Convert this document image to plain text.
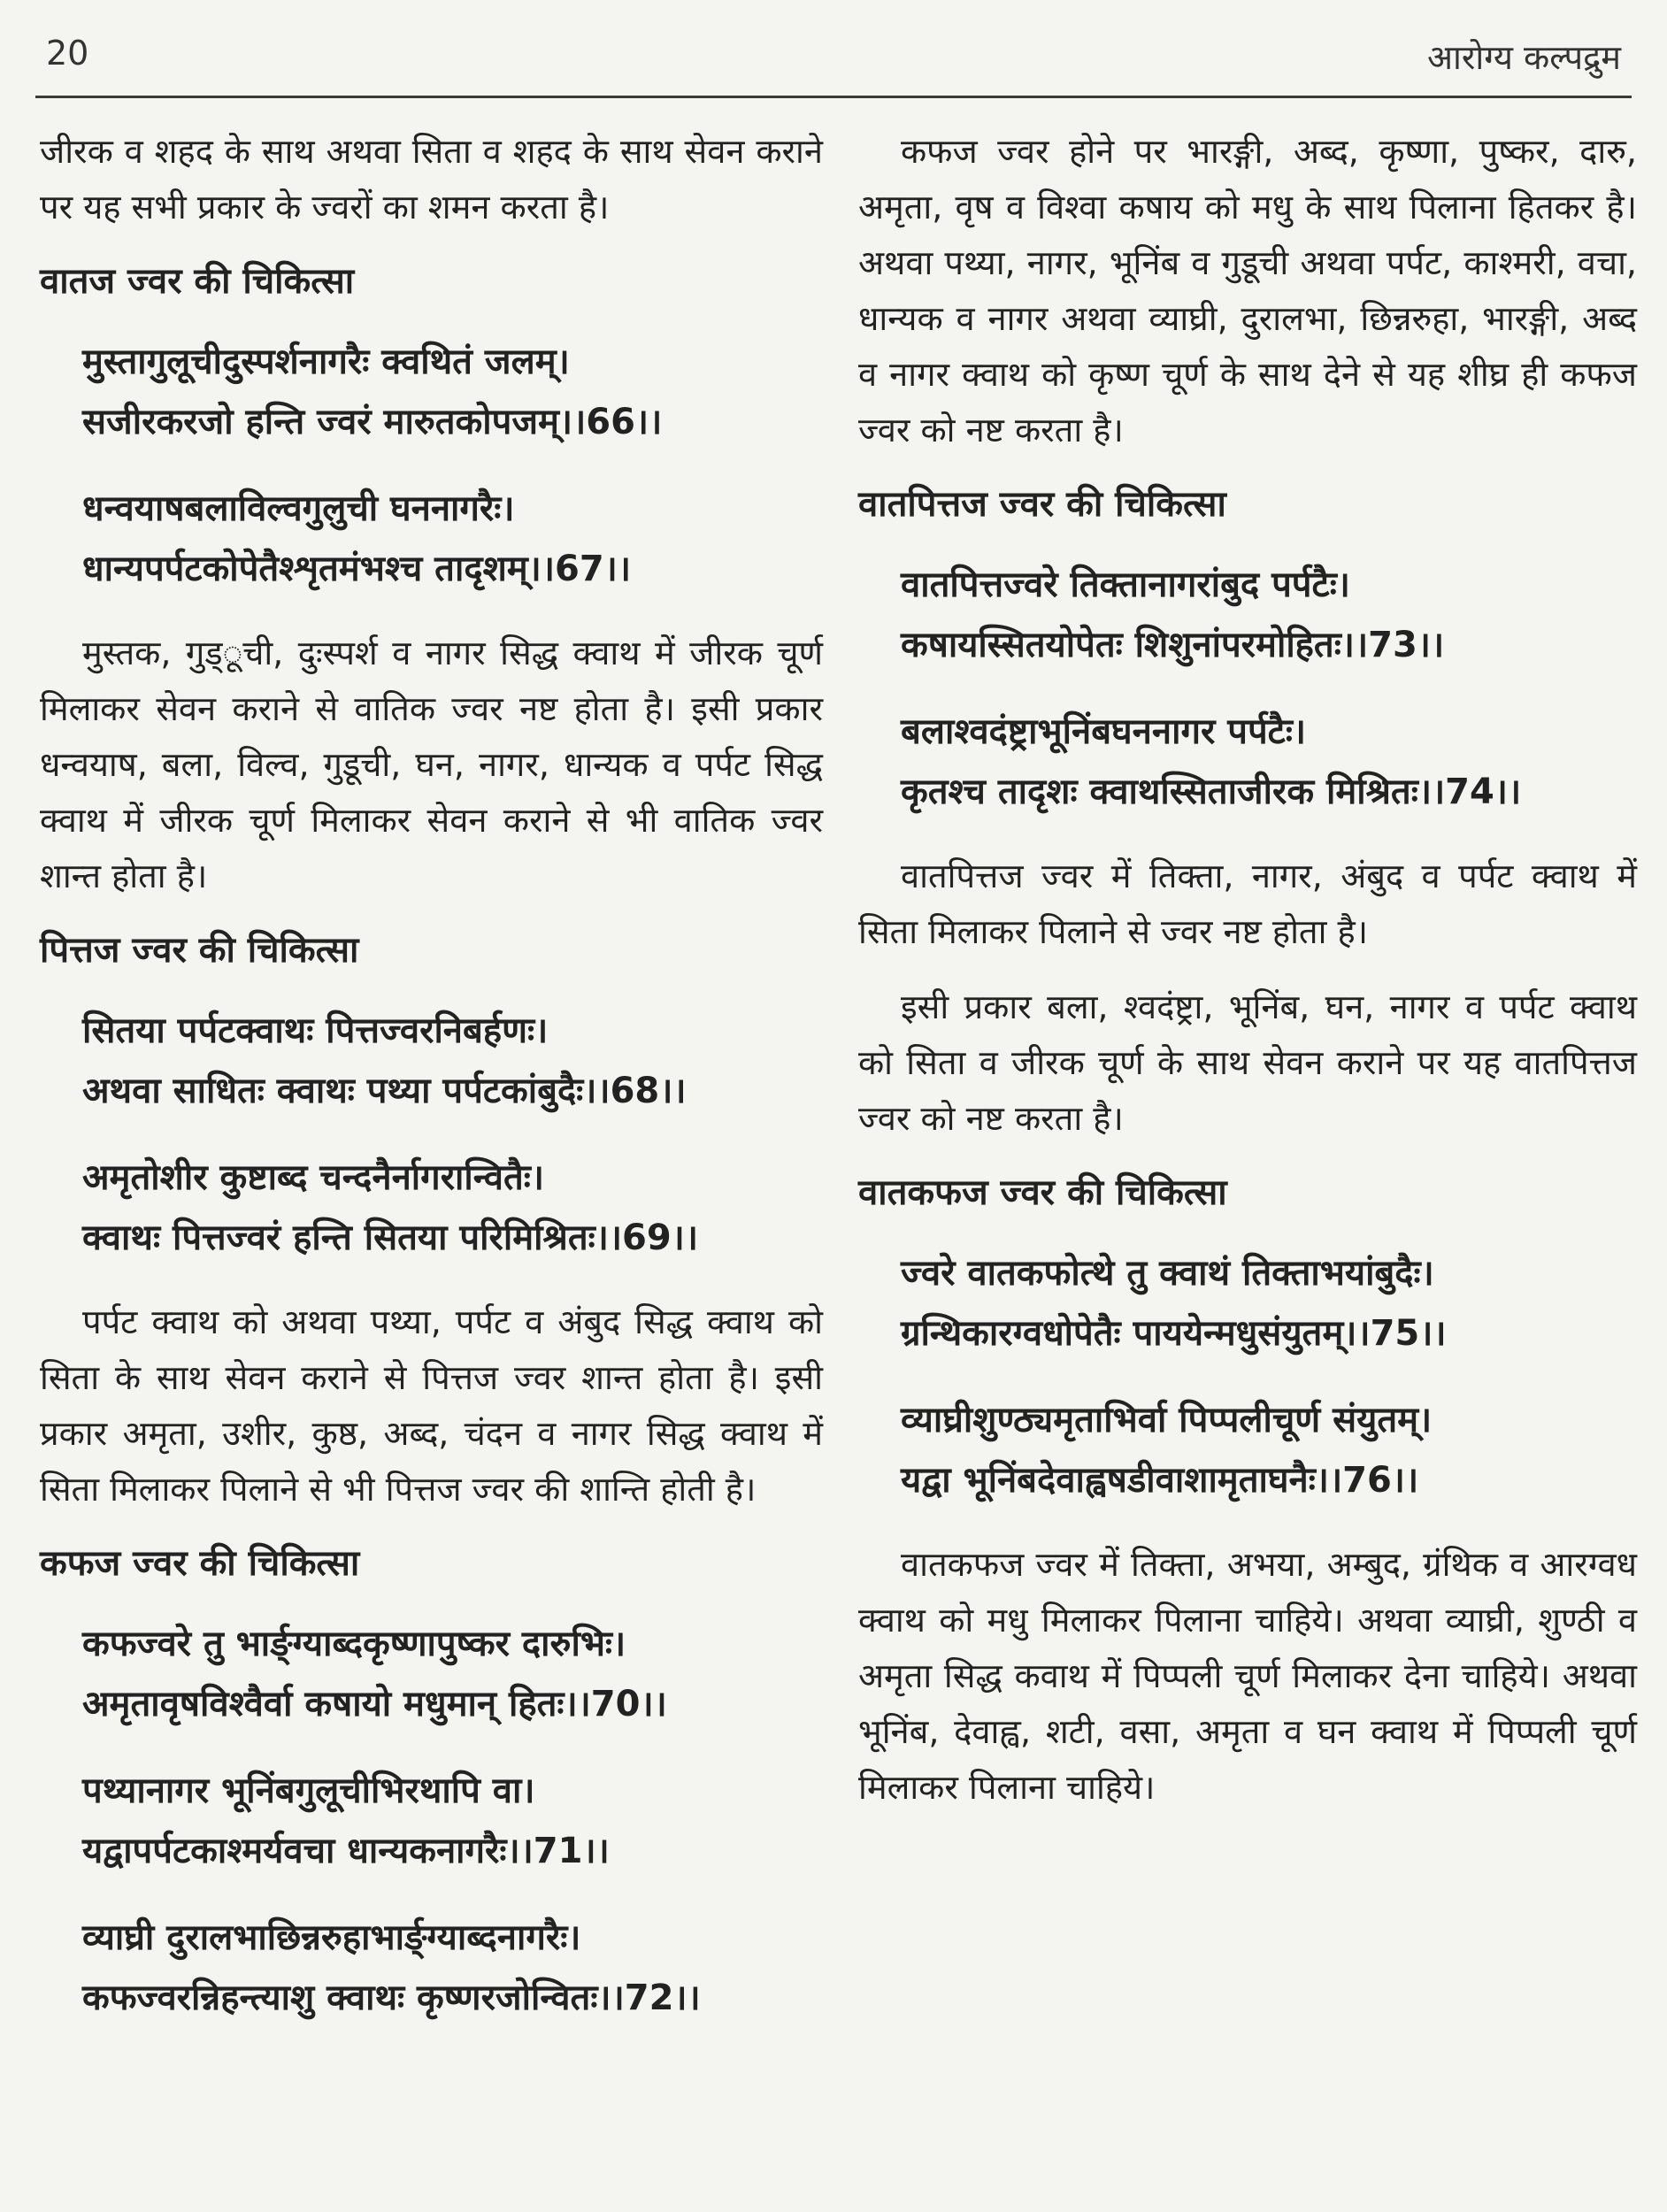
20	आरोग्य कल्पद्रुम

जीरक व शहद के साथ अथवा सिता व शहद के साथ सेवन कराने पर यह सभी प्रकार के ज्वरों का शमन करता है।

वातज ज्वर की चिकित्सा
मुस्तागुलूचीदुस्पर्शनागरैः क्वथितं जलम्।
सजीरकरजो हन्ति ज्वरं मारुतकोपजम्।।66।।
धन्वयाषबलाविल्वगुलुची घननागरैः।
धान्यपर्पटकोपेतैश्शृतमंभश्च तादृशम्।।67।।

मुस्तक, गुड्ूची, दुःस्पर्श व नागर सिद्ध क्वाथ में जीरक चूर्ण मिलाकर सेवन कराने से वातिक ज्वर नष्ट होता है। इसी प्रकार धन्वयाष, बला, विल्व, गुडूची, घन, नागर, धान्यक व पर्पट सिद्ध क्वाथ में जीरक चूर्ण मिलाकर सेवन कराने से भी वातिक ज्वर शान्त होता है।

पित्तज ज्वर की चिकित्सा
सितया पर्पटक्वाथः पित्तज्वरनिबर्हणः।
अथवा साधितः क्वाथः पथ्या पर्पटकांबुदैः।।68।।
अमृतोशीर कुष्टाब्द चन्दनैर्नागरान्वितैः।
क्वाथः पित्तज्वरं हन्ति सितया परिमिश्रितः।।69।।

पर्पट क्वाथ को अथवा पथ्या, पर्पट व अंबुद सिद्ध क्वाथ को सिता के साथ सेवन कराने से पित्तज ज्वर शान्त होता है। इसी प्रकार अमृता, उशीर, कुष्ठ, अब्द, चंदन व नागर सिद्ध क्वाथ में सिता मिलाकर पिलाने से भी पित्तज ज्वर की शान्ति होती है।

कफज ज्वर की चिकित्सा
कफज्वरे तु भार्ङ्ग्याब्दकृष्णापुष्कर दारुभिः।
अमृतावृषविश्वैर्वा कषायो मधुमान् हितः।।70।।
पथ्यानागर भूनिंबगुलूचीभिरथापि वा।
यद्वापर्पटकाश्मर्यवचा धान्यकनागरैः।।71।।
व्याघ्री दुरालभाछिन्नरुहाभार्ङ्ग्याब्दनागरैः।
कफज्वरन्निहन्त्याशु क्वाथः कृष्णरजोन्वितः।।72।।

कफज ज्वर होने पर भारङ्गी, अब्द, कृष्णा, पुष्कर, दारु, अमृता, वृष व विश्वा कषाय को मधु के साथ पिलाना हितकर है। अथवा पथ्या, नागर, भूनिंब व गुडूची अथवा पर्पट, काश्मरी, वचा, धान्यक व नागर अथवा व्याघ्री, दुरालभा, छिन्नरुहा, भारङ्गी, अब्द व नागर क्वाथ को कृष्ण चूर्ण के साथ देने से यह शीघ्र ही कफज ज्वर को नष्ट करता है।

वातपित्तज ज्वर की चिकित्सा
वातपित्तज्वरे तिक्तानागरांबुद पर्पटैः।
कषायस्सितयोपेतः शिशुनांपरमोहितः।।73।।
बलाश्वदंष्ट्राभूनिंबघननागर पर्पटैः।
कृतश्च तादृशः क्वाथस्सिताजीरक मिश्रितः।।74।।

वातपित्तज ज्वर में तिक्ता, नागर, अंबुद व पर्पट क्वाथ में सिता मिलाकर पिलाने से ज्वर नष्ट होता है।

इसी प्रकार बला, श्वदंष्ट्रा, भूनिंब, घन, नागर व पर्पट क्वाथ को सिता व जीरक चूर्ण के साथ सेवन कराने पर यह वातपित्तज ज्वर को नष्ट करता है।

वातकफज ज्वर की चिकित्सा
ज्वरे वातकफोत्थे तु क्वाथं तिक्ताभयांबुदैः।
ग्रन्थिकारग्वधोपेतैः पाययेन्मधुसंयुतम्।।75।।
व्याघ्रीशुण्ठ्यमृताभिर्वा पिप्पलीचूर्ण संयुतम्।
यद्वा भूनिंबदेवाह्वषडीवाशामृताघनैः।।76।।

वातकफज ज्वर में तिक्ता, अभया, अम्बुद, ग्रंथिक व आरग्वध क्वाथ को मधु मिलाकर पिलाना चाहिये। अथवा व्याघ्री, शुण्ठी व अमृता सिद्ध कवाथ में पिप्पली चूर्ण मिलाकर देना चाहिये। अथवा भूनिंब, देवाह्व, शटी, वसा, अमृता व घन क्वाथ में पिप्पली चूर्ण मिलाकर पिलाना चाहिये।
